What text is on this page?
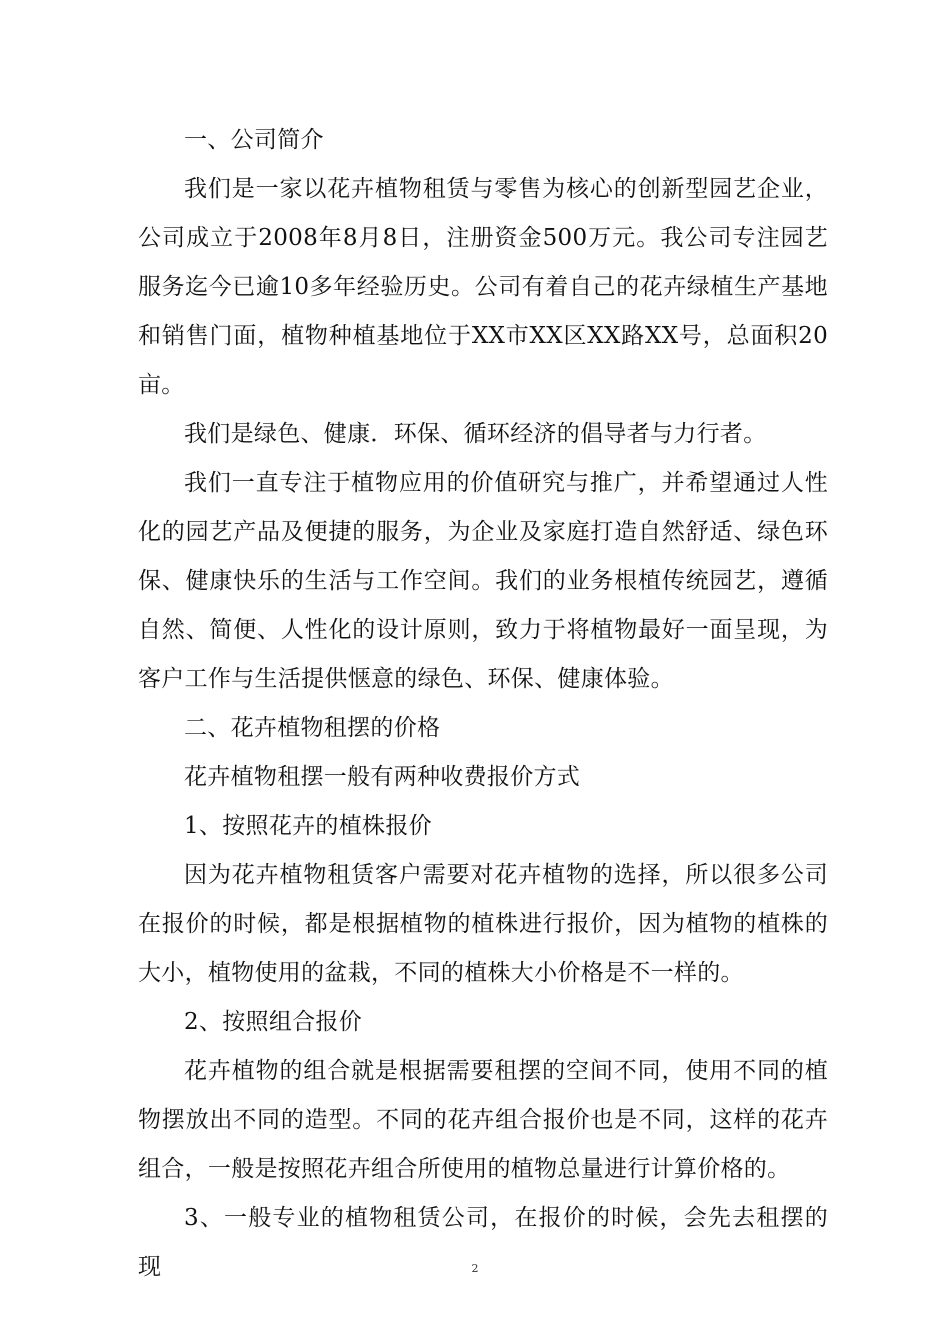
一、公司简介

我们是一家以花卉植物租赁与零售为核心的创新型园艺企业，公司成立于2008年8月8日，注册资金500万元。我公司专注园艺服务迄今已逾10多年经验历史。公司有着自己的花卉绿植生产基地和销售门面，植物种植基地位于XX市XX区XX路XX号，总面积20亩。

我们是绿色、健康．环保、循环经济的倡导者与力行者。

我们一直专注于植物应用的价值研究与推广，并希望通过人性化的园艺产品及便捷的服务，为企业及家庭打造自然舒适、绿色环保、健康快乐的生活与工作空间。我们的业务根植传统园艺，遵循自然、简便、人性化的设计原则，致力于将植物最好一面呈现，为客户工作与生活提供惬意的绿色、环保、健康体验。

二、花卉植物租摆的价格

花卉植物租摆一般有两种收费报价方式

1、按照花卉的植株报价

因为花卉植物租赁客户需要对花卉植物的选择，所以很多公司在报价的时候，都是根据植物的植株进行报价，因为植物的植株的大小，植物使用的盆栽，不同的植株大小价格是不一样的。

2、按照组合报价

花卉植物的组合就是根据需要租摆的空间不同，使用不同的植物摆放出不同的造型。不同的花卉组合报价也是不同，这样的花卉组合，一般是按照花卉组合所使用的植物总量进行计算价格的。

3、一般专业的植物租赁公司，在报价的时候，会先去租摆的现	2
